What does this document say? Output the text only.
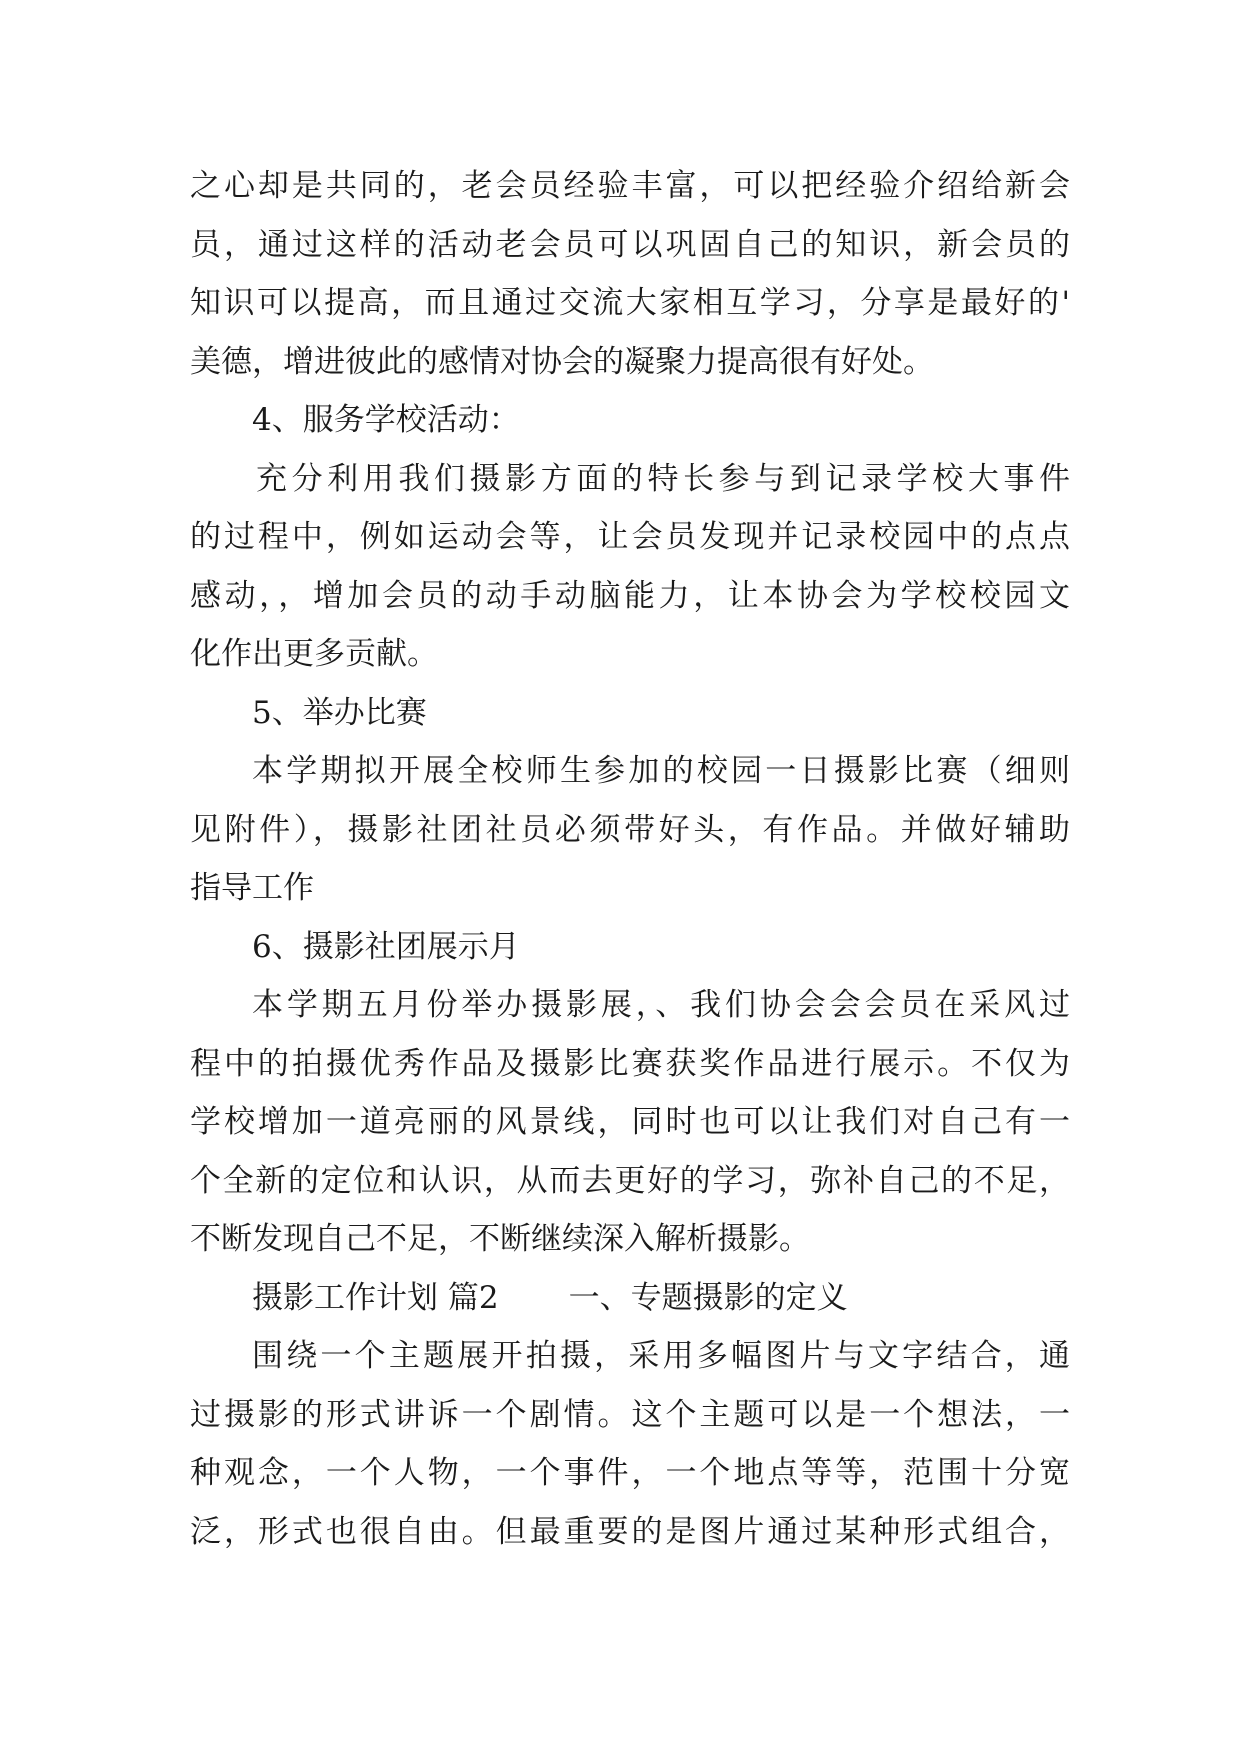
之心却是共同的，老会员经验丰富，可以把经验介绍给新会
员，通过这样的活动老会员可以巩固自己的知识，新会员的
知识可以提高，而且通过交流大家相互学习，分享是最好的'
美德，增进彼此的感情对协会的凝聚力提高很有好处。
4、服务学校活动：
充分利用我们摄影方面的特长参与到记录学校大事件
的过程中，例如运动会等，让会员发现并记录校园中的点点
感动，，增加会员的动手动脑能力，让本协会为学校校园文
化作出更多贡献。
5、举办比赛
本学期拟开展全校师生参加的校园一日摄影比赛（细则
见附件），摄影社团社员必须带好头，有作品。并做好辅助
指导工作
6、摄影社团展示月
本学期五月份举办摄影展，、我们协会会会员在采风过
程中的拍摄优秀作品及摄影比赛获奖作品进行展示。不仅为
学校增加一道亮丽的风景线，同时也可以让我们对自己有一
个全新的定位和认识，从而去更好的学习，弥补自己的不足，
不断发现自己不足，不断继续深入解析摄影。
摄影工作计划 篇2 一、专题摄影的定义
围绕一个主题展开拍摄，采用多幅图片与文字结合，通
过摄影的形式讲诉一个剧情。这个主题可以是一个想法，一
种观念，一个人物，一个事件，一个地点等等，范围十分宽
泛，形式也很自由。但最重要的是图片通过某种形式组合，
